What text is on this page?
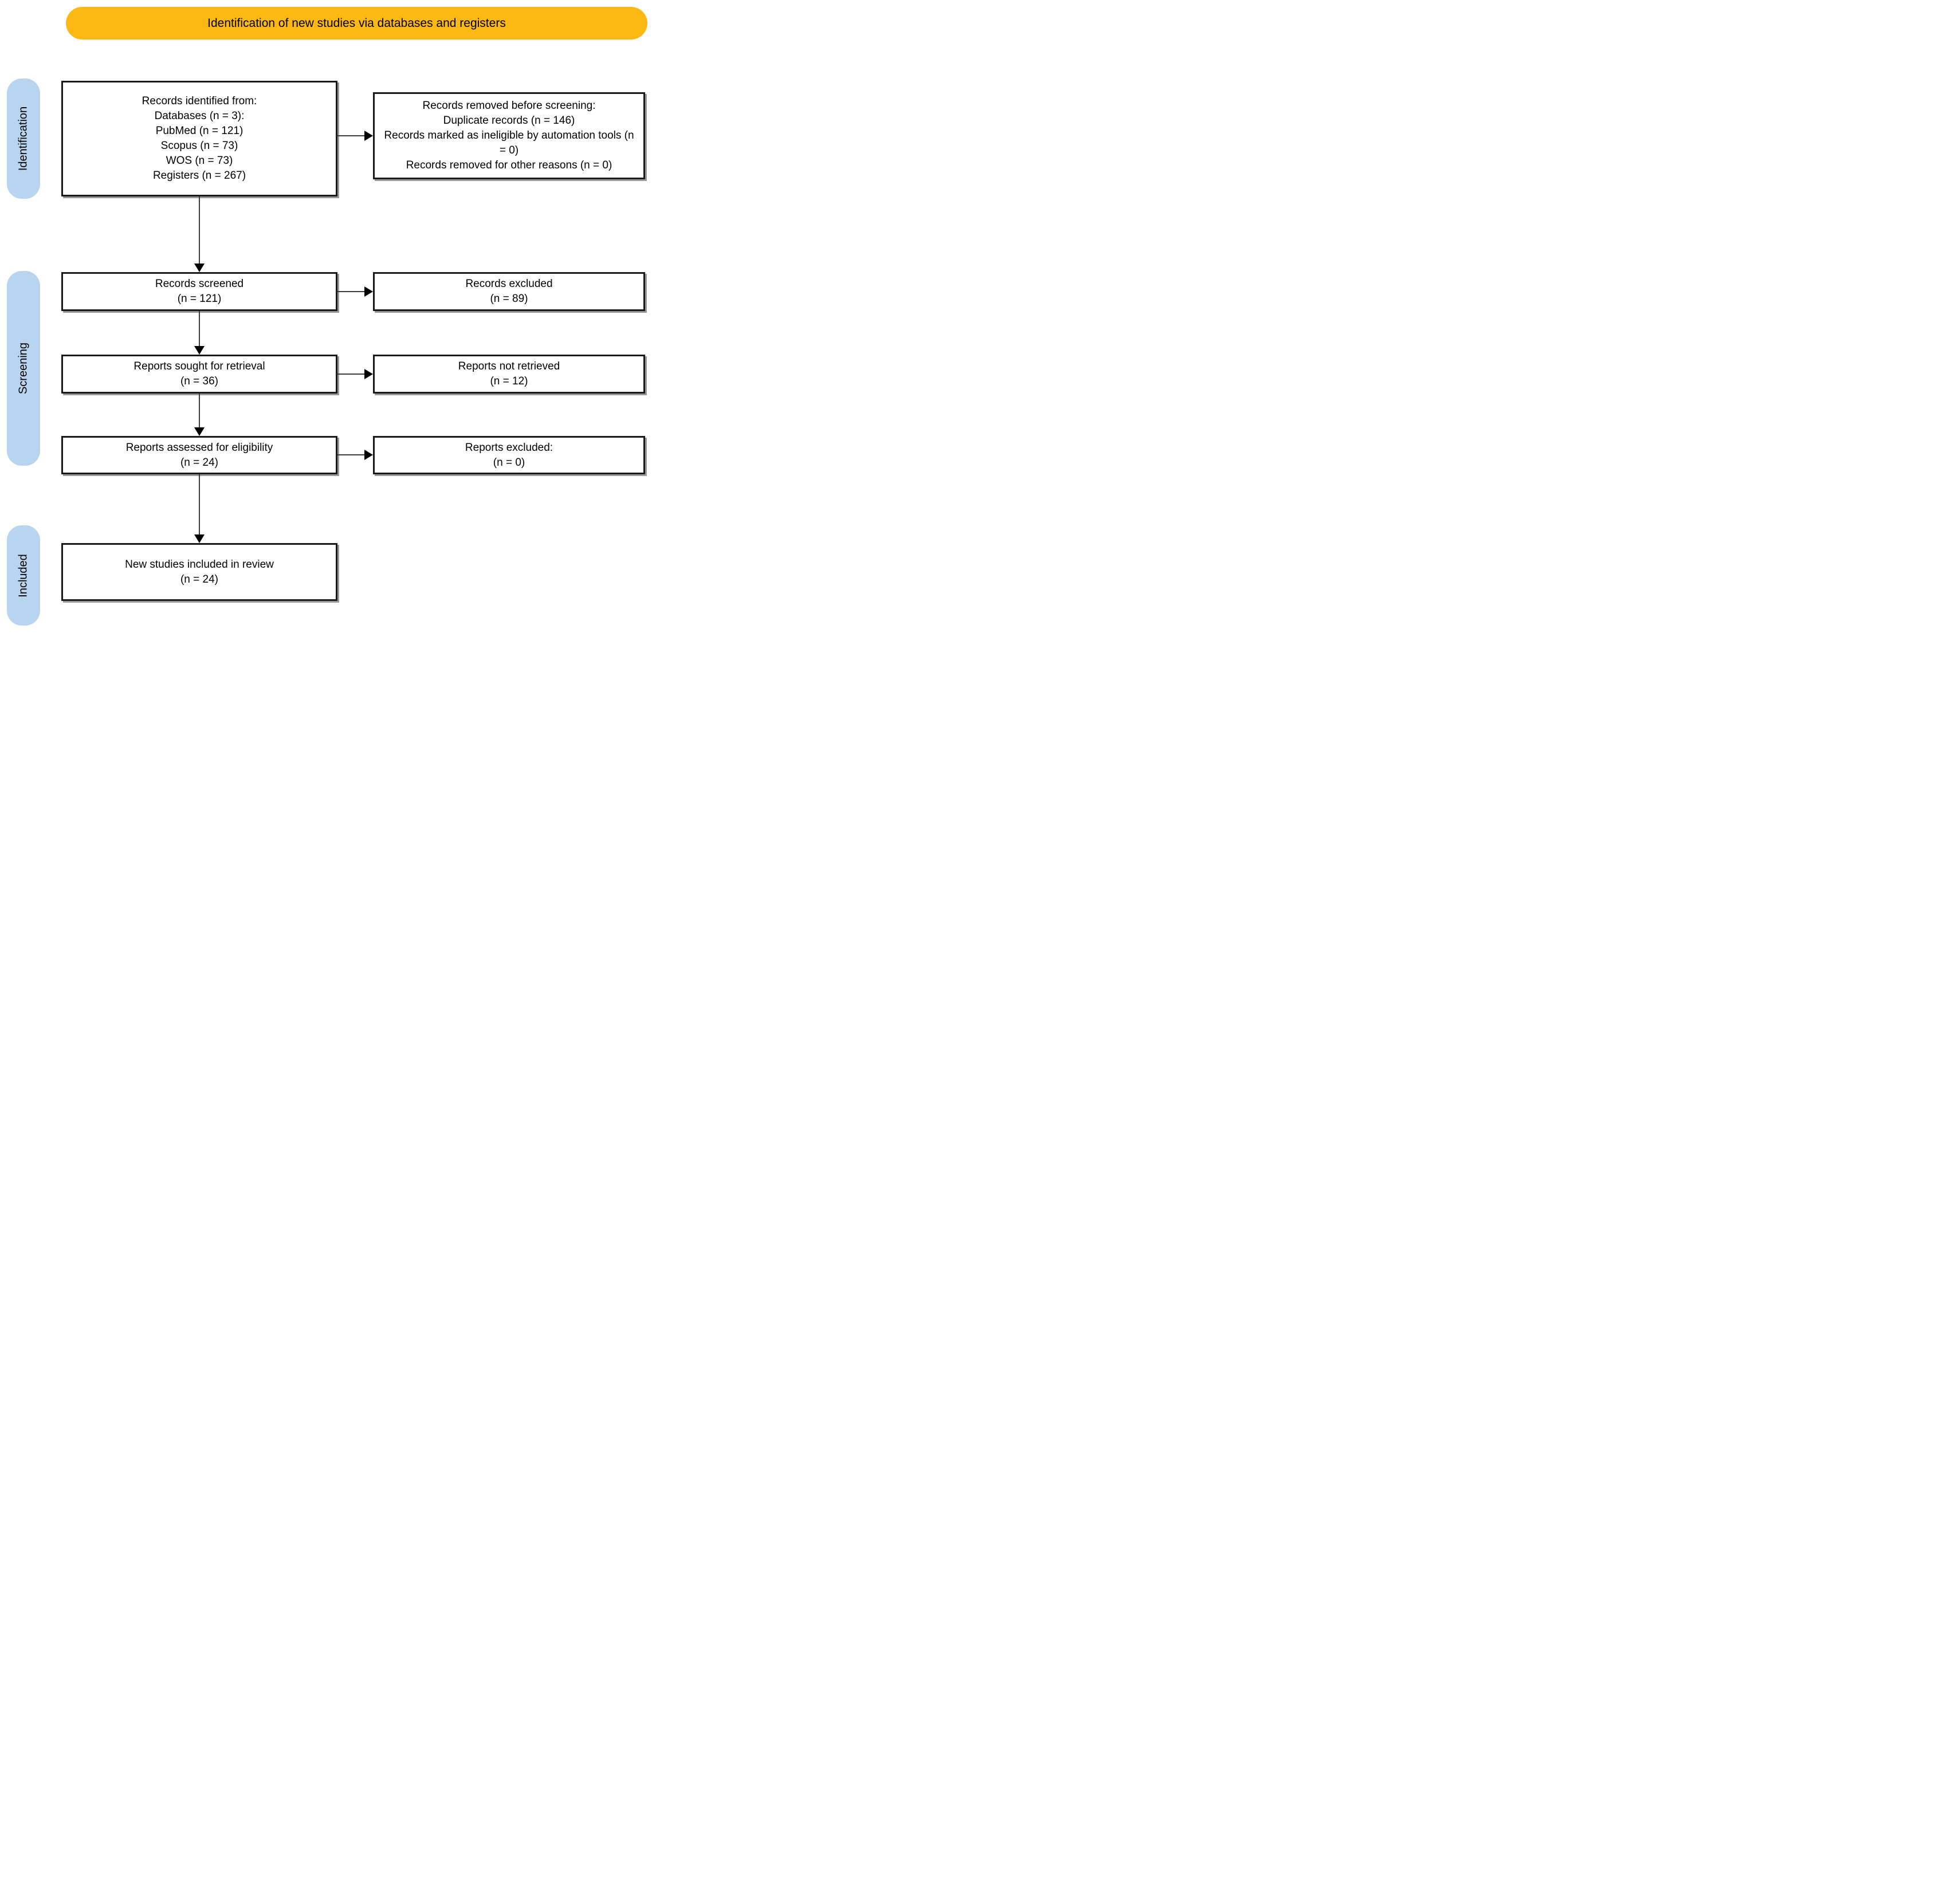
Identification of new studies via databases and registers
Identification
Screening
Included
Records identified from:
Databases (n = 3):
PubMed (n = 121)
Scopus (n = 73)
WOS (n = 73)
Registers (n = 267)
Records screened
(n = 121)
Reports sought for retrieval
(n = 36)
Reports assessed for eligibility
(n = 24)
New studies included in review
(n = 24)
Records removed before screening:
Duplicate records (n = 146)
Records marked as ineligible by automation tools (n = 0)
Records removed for other reasons (n = 0)
Records excluded
(n = 89)
Reports not retrieved
(n = 12)
Reports excluded:
(n = 0)
